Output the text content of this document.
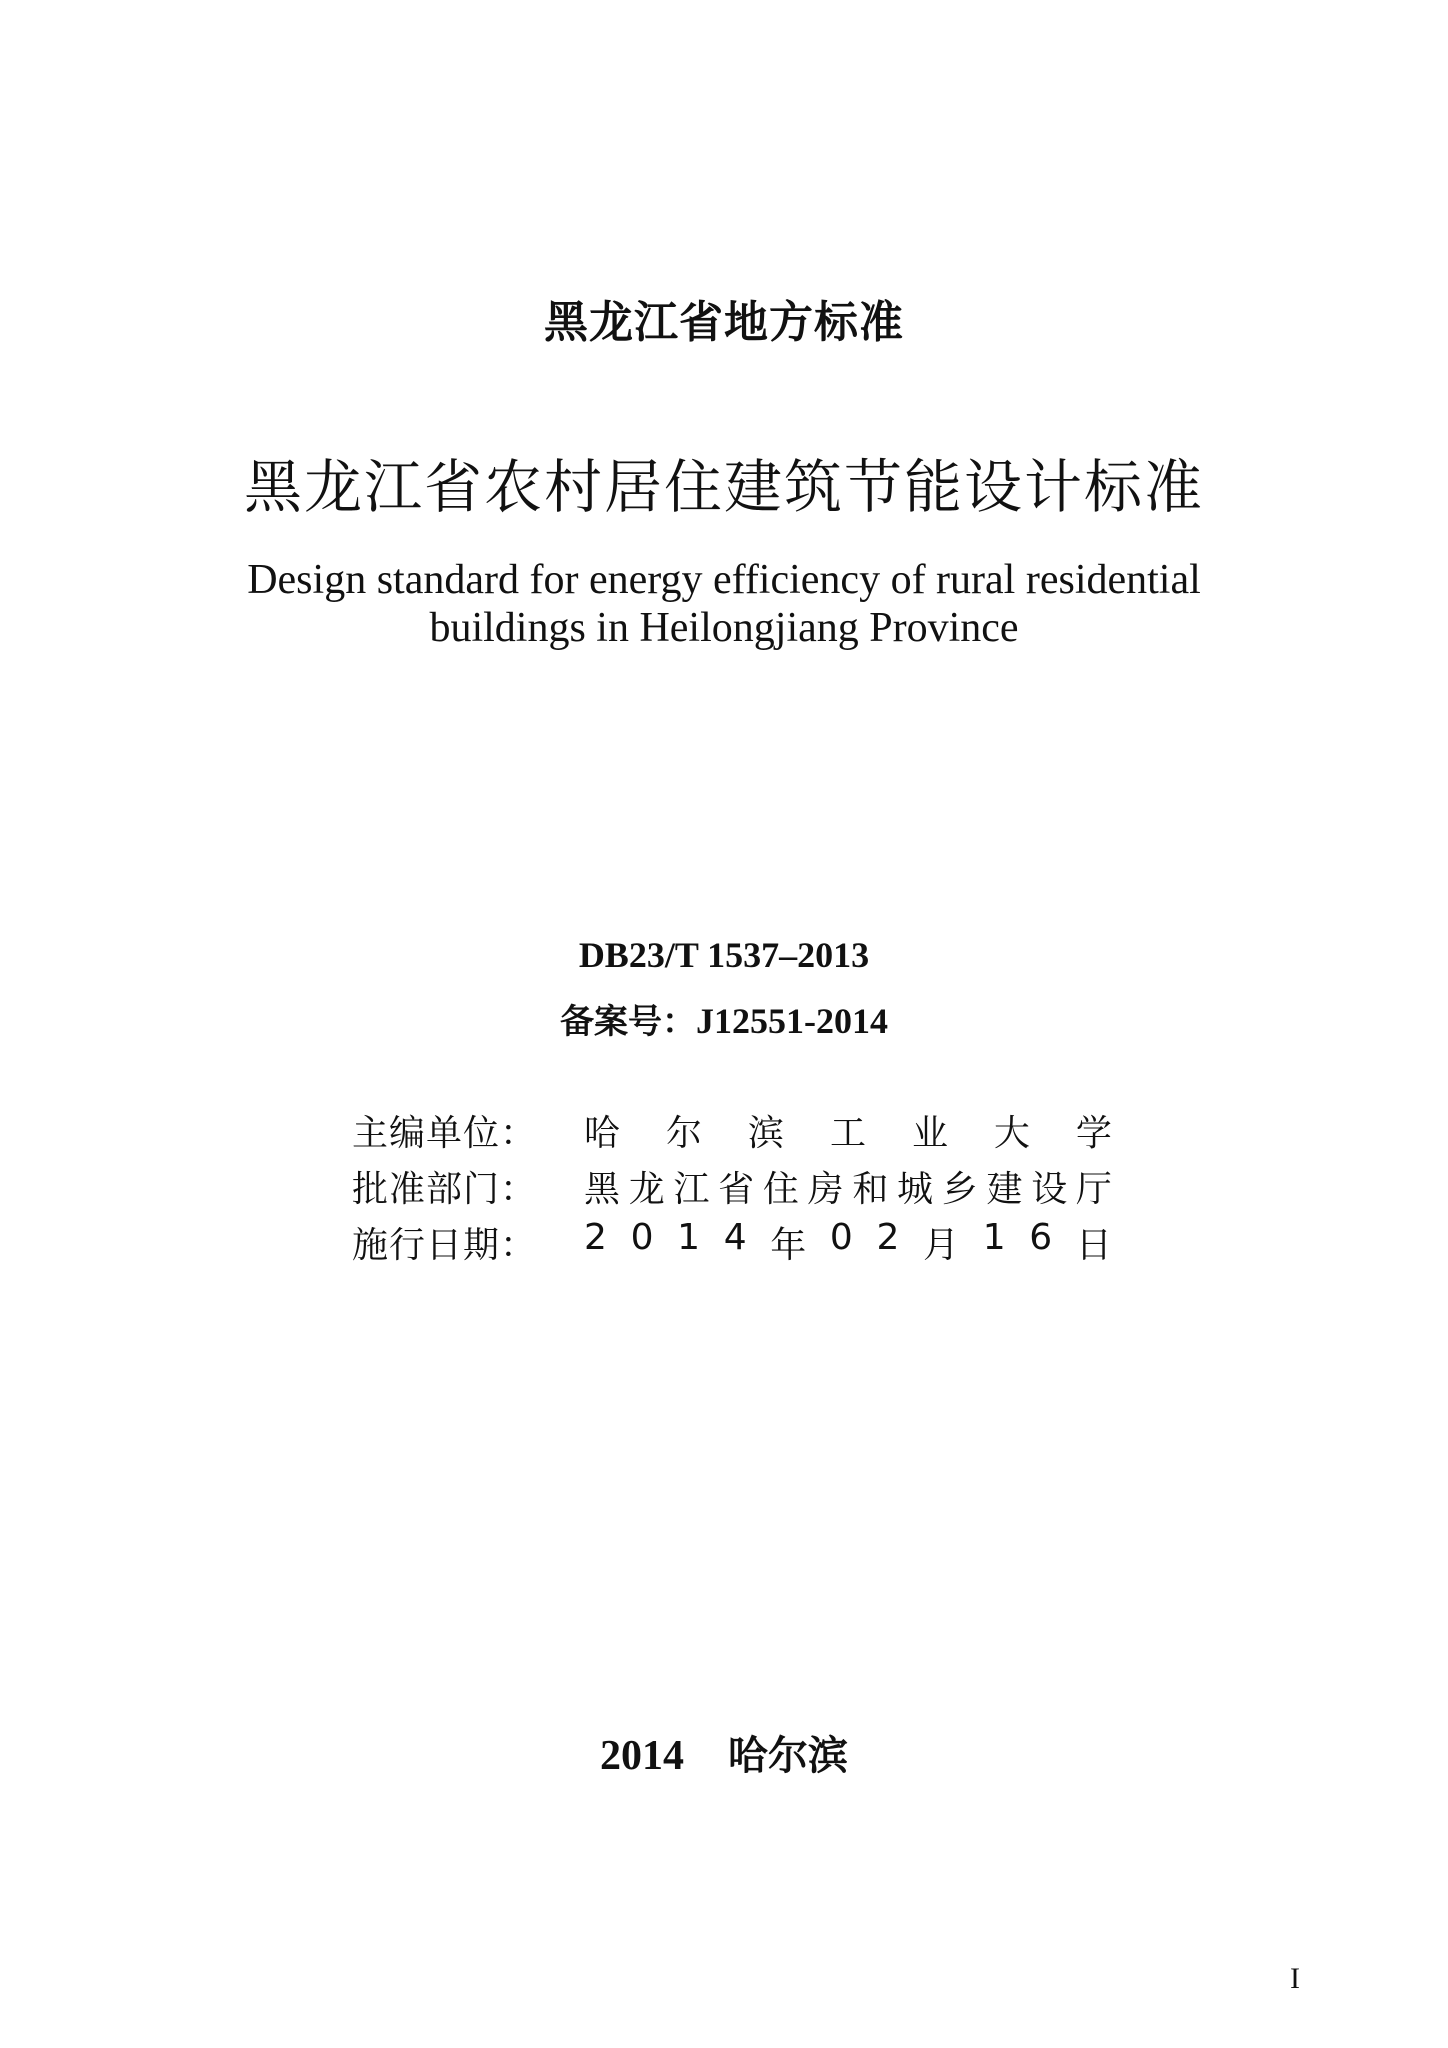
黑龙江省地方标准
黑龙江省农村居住建筑节能设计标准
Design standard for energy efficiency of rural residential
buildings in Heilongjiang Province
DB23/T 1537–2013
备案号：J12551-2014
主编单位：	哈 尔 滨 工 业 大 学
批准部门：	黑 龙 江 省 住 房 和 城 乡 建 设 厅
施行日期：	2 0 1 4 年 0 2 月 1 6 日
2014 哈尔滨
I
